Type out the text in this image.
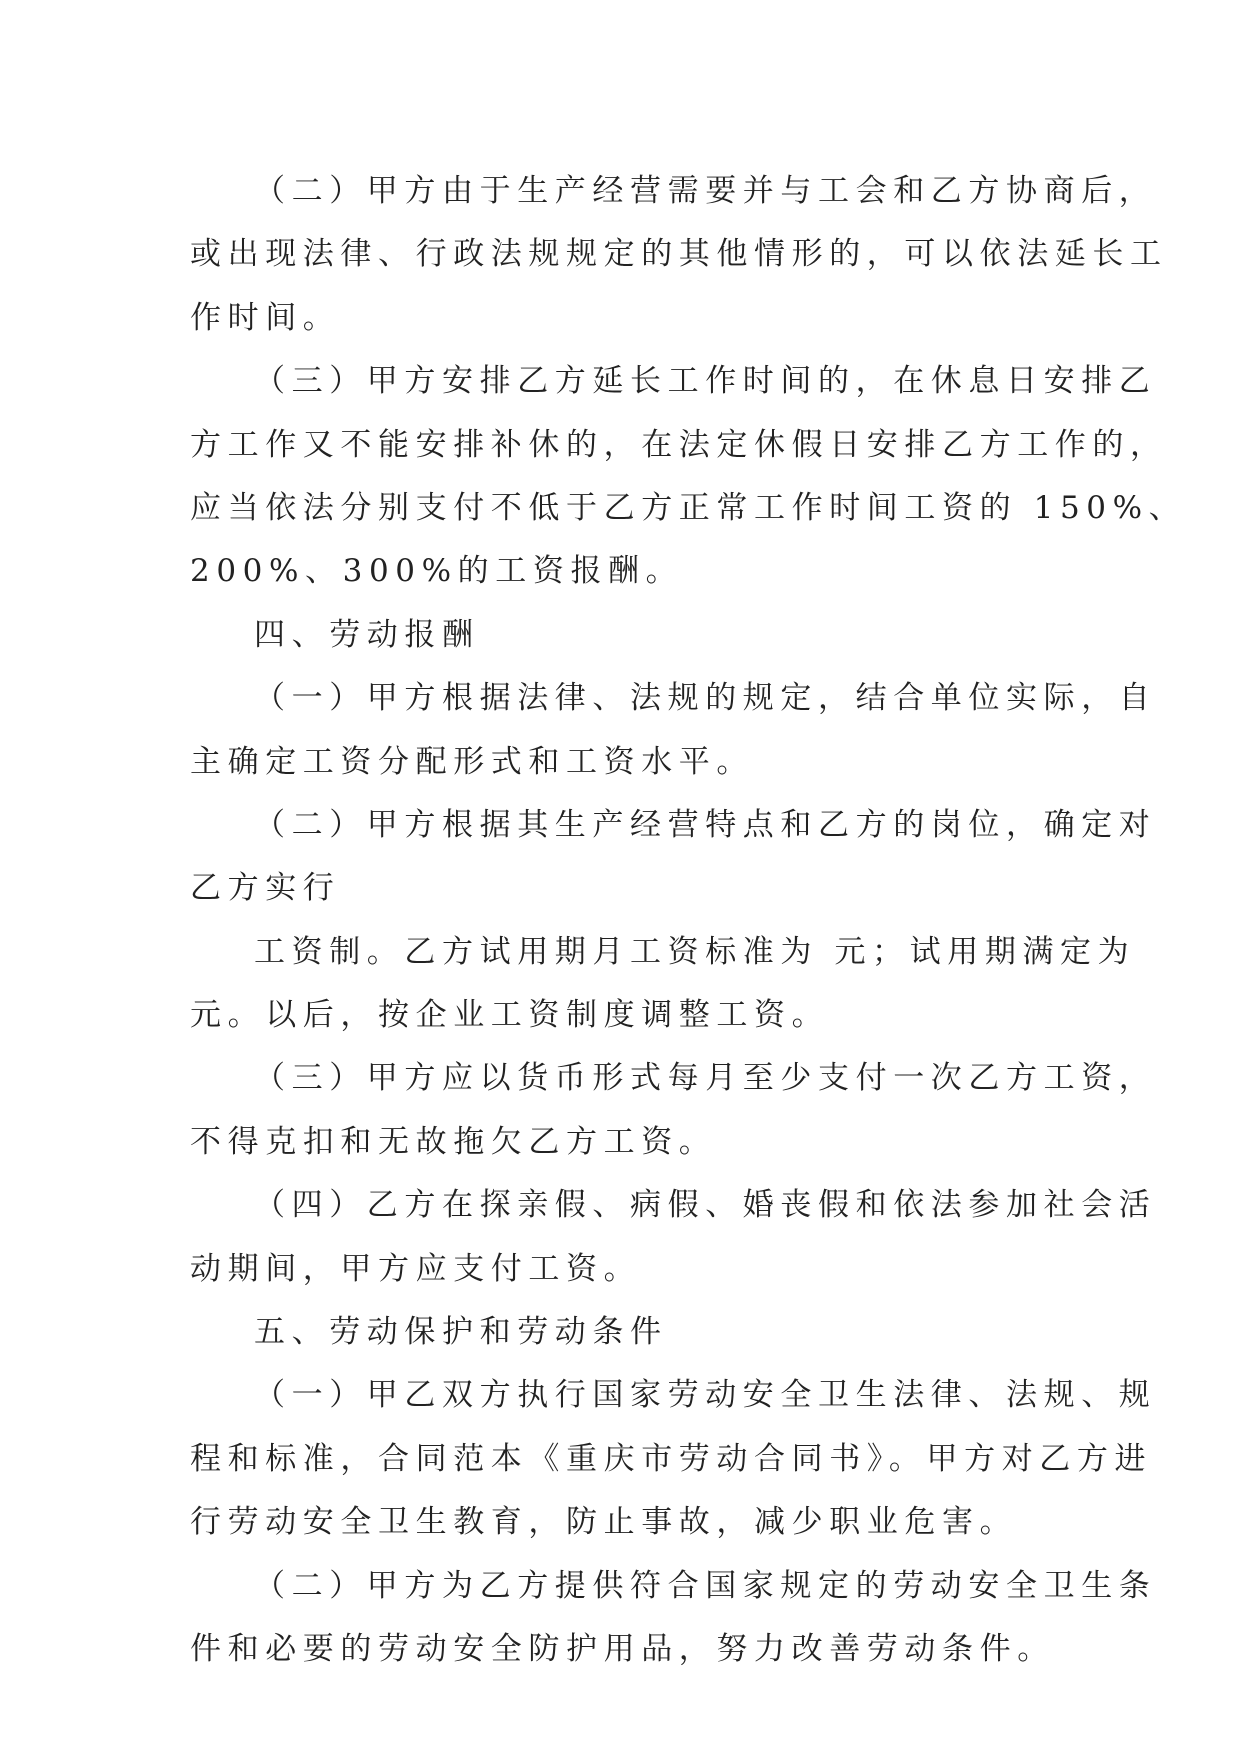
（二）甲方由于生产经营需要并与工会和乙方协商后，
或出现法律、行政法规规定的其他情形的，可以依法延长工
作时间。
（三）甲方安排乙方延长工作时间的，在休息日安排乙
方工作又不能安排补休的，在法定休假日安排乙方工作的，
应当依法分别支付不低于乙方正常工作时间工资的 150%、
200%、300%的工资报酬。
四、劳动报酬
（一）甲方根据法律、法规的规定，结合单位实际，自
主确定工资分配形式和工资水平。
（二）甲方根据其生产经营特点和乙方的岗位，确定对
乙方实行
工资制。乙方试用期月工资标准为 元；试用期满定为
元。以后，按企业工资制度调整工资。
（三）甲方应以货币形式每月至少支付一次乙方工资，
不得克扣和无故拖欠乙方工资。
（四）乙方在探亲假、病假、婚丧假和依法参加社会活
动期间，甲方应支付工资。
五、劳动保护和劳动条件
（一）甲乙双方执行国家劳动安全卫生法律、法规、规
程和标准，合同范本《重庆市劳动合同书》。甲方对乙方进
行劳动安全卫生教育，防止事故，减少职业危害。
（二）甲方为乙方提供符合国家规定的劳动安全卫生条
件和必要的劳动安全防护用品，努力改善劳动条件。
